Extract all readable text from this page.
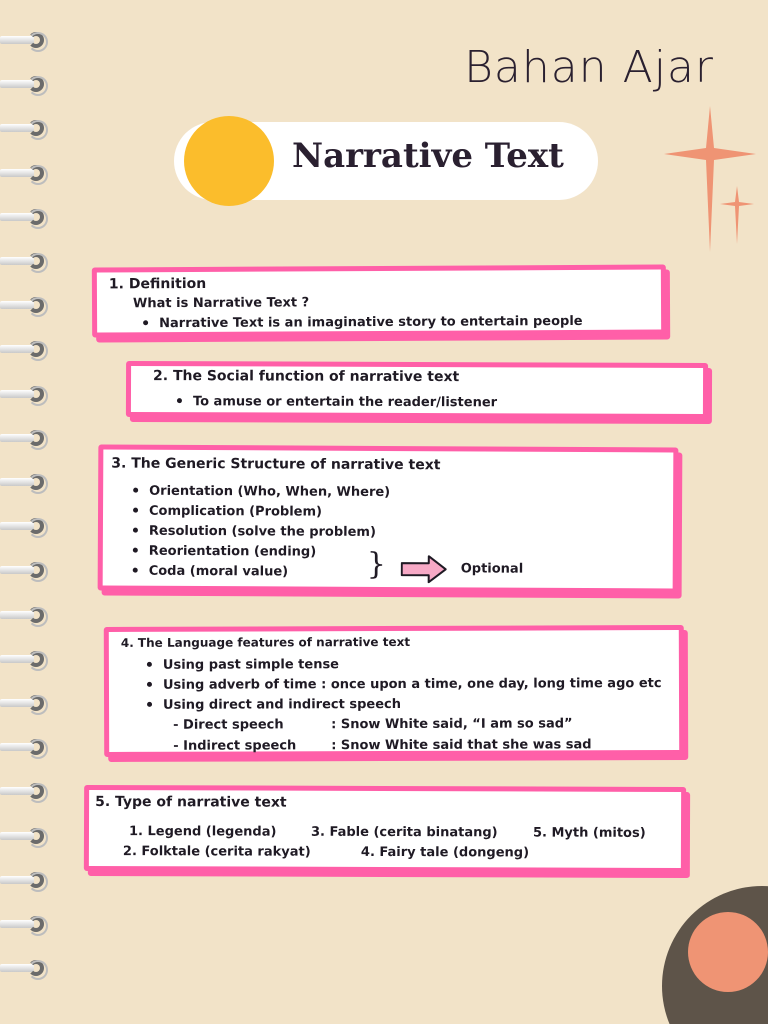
Bahan Ajar
Narrative Text
1. Definition
What is Narrative Text ?
Narrative Text is an imaginative story to entertain people
2. The Social function of narrative text
To amuse or entertain the reader/listener
3. The Generic Structure of narrative text
Orientation (Who, When, Where)
Complication (Problem)
Resolution (solve the problem)
Reorientation (ending)
Coda (moral value)	}	Optional
4. The Language features of narrative text
Using past simple tense
Using adverb of time : once upon a time, one day, long time ago etc
Using direct and indirect speech
- Direct speech	: Snow White said, “I am so sad”
- Indirect speech	: Snow White said that she was sad
5. Type of narrative text
1. Legend (legenda)	3. Fable (cerita binatang)	5. Myth (mitos)
2. Folktale (cerita rakyat)	4. Fairy tale (dongeng)
